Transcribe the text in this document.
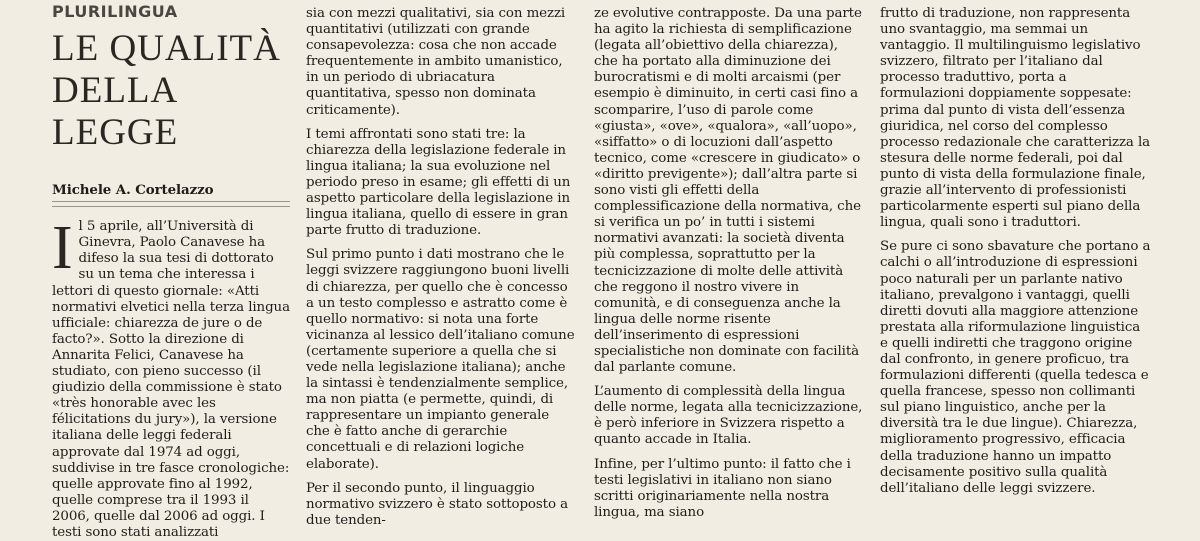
PLURILINGUA
LE QUALITÀ
DELLA LEGGE
Michele A. Cortelazzo
I l 5 aprile, all’Università di Ginevra, Paolo Canavese ha difeso la sua tesi di dottorato su un tema che interessa i lettori di questo giornale: «Atti normativi elvetici nella terza lingua ufficiale: chiarezza de jure o de facto?». Sotto la direzione di Annarita Felici, Canavese ha studiato, con pieno successo (il giudizio della commissione è stato «très honorable avec les félicitations du jury»), la versione italiana delle leggi federali approvate dal 1974 ad oggi, suddivise in tre fasce cronologiche: quelle approvate fino al 1992, quelle comprese tra il 1993 il 2006, quelle dal 2006 ad oggi. I testi sono stati analizzati

sia con mezzi qualitativi, sia con mezzi quantitativi (utilizzati con grande consapevolezza: cosa che non accade frequentemente in ambito umanistico, in un periodo di ubriacatura quantitativa, spesso non dominata criticamente).

I temi affrontati sono stati tre: la chiarezza della legislazione federale in lingua italiana; la sua evoluzione nel periodo preso in esame; gli effetti di un aspetto particolare della legislazione in lingua italiana, quello di essere in gran parte frutto di traduzione.

Sul primo punto i dati mostrano che le leggi svizzere raggiungono buoni livelli di chiarezza, per quello che è concesso a un testo complesso e astratto come è quello normativo: si nota una forte vicinanza al lessico dell’italiano comune (certamente superiore a quella che si vede nella legislazione italiana); anche la sintassi è tendenzialmente semplice, ma non piatta (e permette, quindi, di rappresentare un impianto generale che è fatto anche di gerarchie concettuali e di relazioni logiche elaborate).

Per il secondo punto, il linguaggio normativo svizzero è stato sottoposto a due tenden-

ze evolutive contrapposte. Da una parte ha agito la richiesta di semplificazione (legata all’obiettivo della chiarezza), che ha portato alla diminuzione dei burocratismi e di molti arcaismi (per esempio è diminuito, in certi casi fino a scomparire, l’uso di parole come «giusta», «ove», «qualora», «all’uopo», «siffatto» o di locuzioni dall’aspetto tecnico, come «crescere in giudicato» o «diritto previgente»); dall’altra parte si sono visti gli effetti della complessificazione della normativa, che si verifica un po’ in tutti i sistemi normativi avanzati: la società diventa più complessa, soprattutto per la tecnicizzazione di molte delle attività che reggono il nostro vivere in comunità, e di conseguenza anche la lingua delle norme risente dell’inserimento di espressioni specialistiche non dominate con facilità dal parlante comune.

L’aumento di complessità della lingua delle norme, legata alla tecnicizzazione, è però inferiore in Svizzera rispetto a quanto accade in Italia.

Infine, per l’ultimo punto: il fatto che i testi legislativi in italiano non siano scritti originariamente nella nostra lingua, ma siano

frutto di traduzione, non rappresenta uno svantaggio, ma semmai un vantaggio. Il multilinguismo legislativo svizzero, filtrato per l’italiano dal processo traduttivo, porta a formulazioni doppiamente soppesate: prima dal punto di vista dell’essenza giuridica, nel corso del complesso processo redazionale che caratterizza la stesura delle norme federali, poi dal punto di vista della formulazione finale, grazie all’intervento di professionisti particolarmente esperti sul piano della lingua, quali sono i traduttori.

Se pure ci sono sbavature che portano a calchi o all’introduzione di espressioni poco naturali per un parlante nativo italiano, prevalgono i vantaggi, quelli diretti dovuti alla maggiore attenzione prestata alla riformulazione linguistica e quelli indiretti che traggono origine dal confronto, in genere proficuo, tra formulazioni differenti (quella tedesca e quella francese, spesso non collimanti sul piano linguistico, anche per la diversità tra le due lingue). Chiarezza, miglioramento progressivo, efficacia della traduzione hanno un impatto decisamente positivo sulla qualità dell’italiano delle leggi svizzere.
